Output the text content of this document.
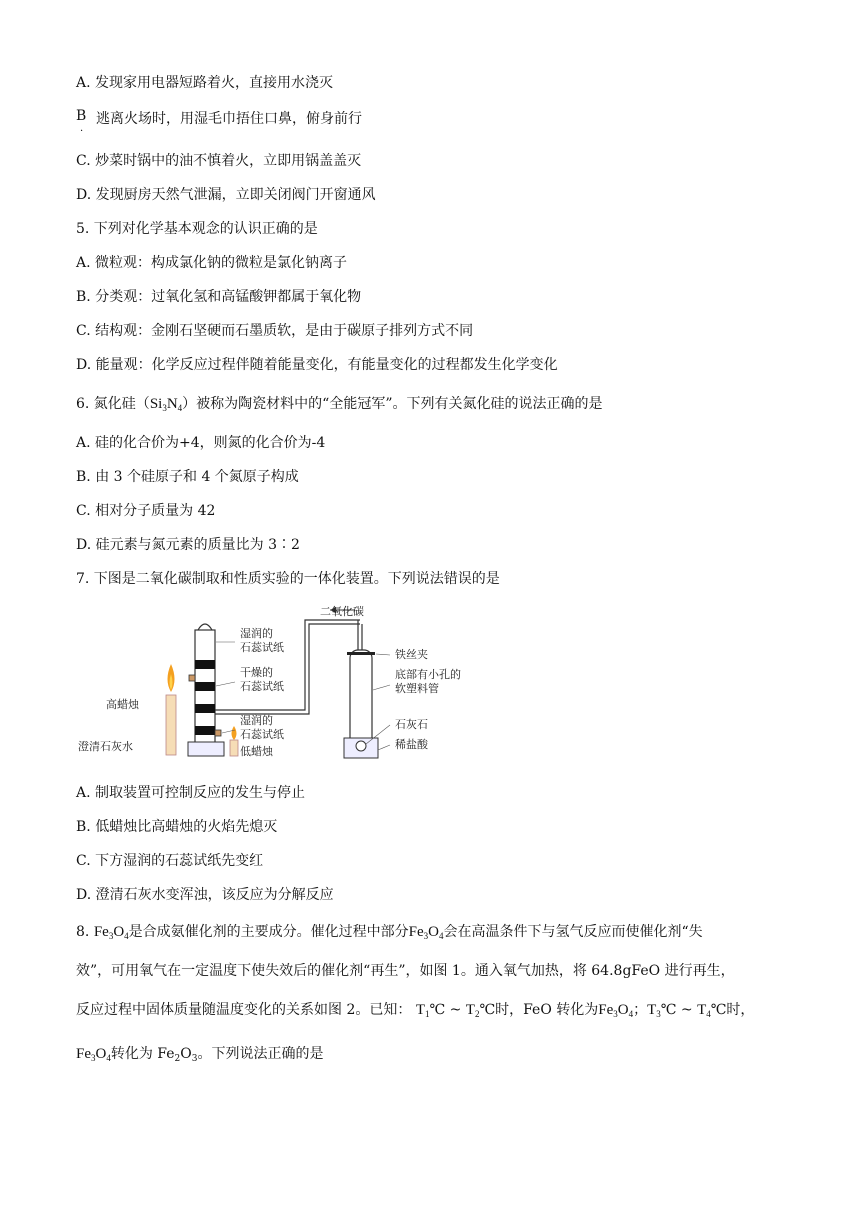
A. 发现家用电器短路着火，直接用水浇灭
B
·
逃离火场时，用湿毛巾捂住口鼻，俯身前行
C. 炒菜时锅中的油不慎着火，立即用锅盖盖灭
D. 发现厨房天然气泄漏，立即关闭阀门开窗通风
5. 下列对化学基本观念的认识正确的是
A. 微粒观：构成氯化钠的微粒是氯化钠离子
B. 分类观：过氧化氢和高锰酸钾都属于氧化物
C. 结构观：金刚石坚硬而石墨质软，是由于碳原子排列方式不同
D. 能量观：化学反应过程伴随着能量变化，有能量变化的过程都发生化学变化
6. 氮化硅$(Si_3N_4)$被称为陶瓷材料中的“全能冠军”。下列有关氮化硅的说法正确的是
A. 硅的化合价为+4，则氮的化合价为-4
B. 由 3 个硅原子和 4 个氮原子构成
C. 相对分子质量为 42
D. 硅元素与氮元素的质量比为 3∶2
7. 下图是二氧化碳制取和性质实验的一体化装置。下列说法错误的是
二氧化碳
湿润的
石蕊试纸
干燥的
石蕊试纸
湿润的
石蕊试纸
高蜡烛
澄清石灰水	低蜡烛
铁丝夹
底部有小孔的
软塑料管
石灰石
稀盐酸
A. 制取装置可控制反应的发生与停止
B. 低蜡烛比高蜡烛的火焰先熄灭
C. 下方湿润的石蕊试纸先变红
D. 澄清石灰水变浑浊，该反应为分解反应
8. $Fe_3O_4$是合成氨催化剂的主要成分。催化过程中部分$Fe_3O_4$会在高温条件下与氢气反应而使催化剂“失
效”，可用氧气在一定温度下使失效后的催化剂“再生”，如图 1。通入氧气加热，将 64.8gFeO 进行再生，
反应过程中固体质量随温度变化的关系如图 2。已知： $T_1℃$ ~ $T_2℃$时，FeO 转化为$Fe_3O_4$；$T_3℃$ ~ $T_4℃$时，
$Fe_3O_4$转化为 $Fe_2O_3$。下列说法正确的是
